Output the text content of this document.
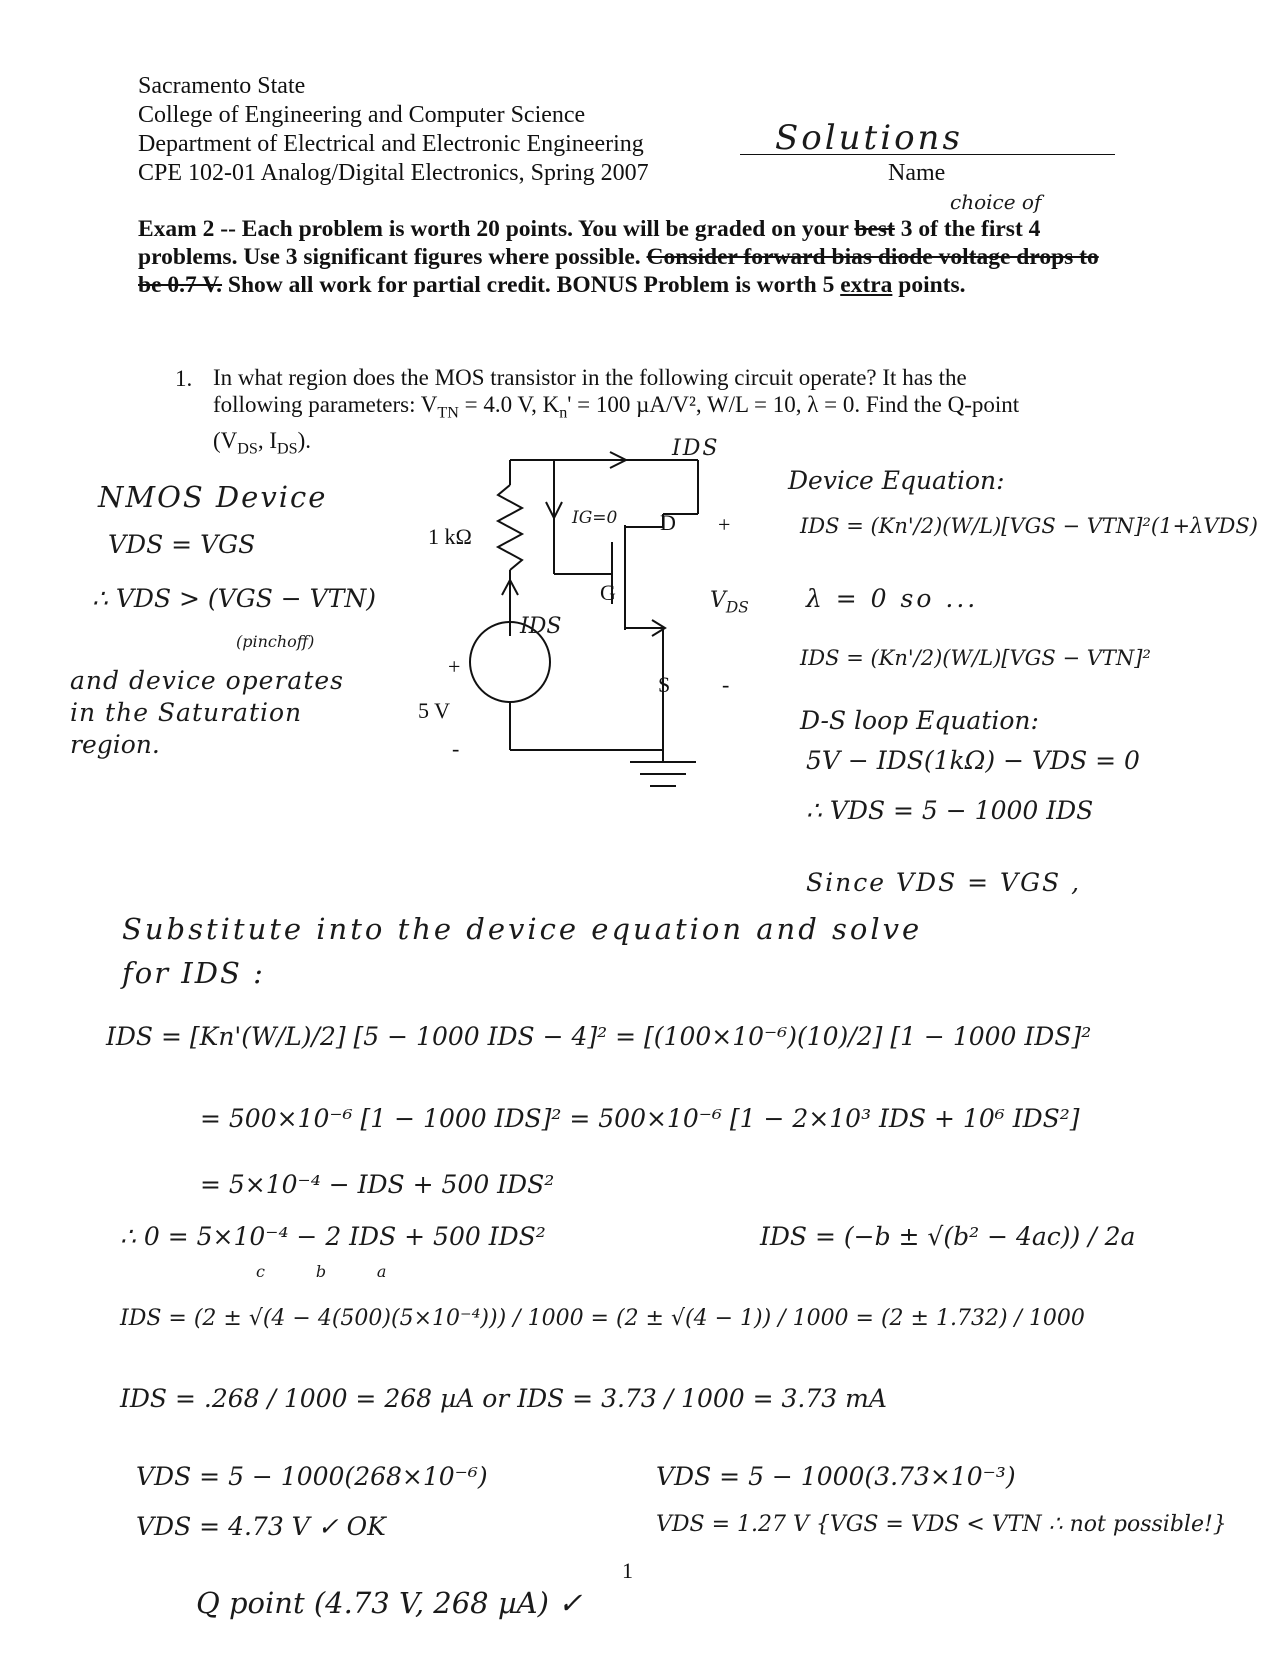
Sacramento State
College of Engineering and Computer Science
Department of Electrical and Electronic Engineering
CPE 102-01 Analog/Digital Electronics, Spring 2007
Solutions
Name
choice of
Exam 2 -- Each problem is worth 20 points. You will be graded on your best 3 of the first 4 problems. Use 3 significant figures where possible. Consider forward bias diode voltage drops to be 0.7 V. Show all work for partial credit. BONUS Problem is worth 5 extra points.
1. In what region does the MOS transistor in the following circuit operate? It has the
following parameters: $V_{TN} = 4.0$ V, $K_n' = 100$ µA/V², W/L = 10, λ = 0. Find the Q-point
($V_{DS}$, $I_{DS}$).
1 kΩ
+
5 V
-
D +
G
S -
$V_{DS}$
IDS
IG=0
IDS
NMOS Device
VDS = VGS
∴ VDS > (VGS − VTN)
(pinchoff)
and device operates
in the Saturation
region.
Device Equation:
IDS = (Kn'/2)(W/L)[VGS − VTN]²(1+λVDS)
λ = 0 so ...
IDS = (Kn'/2)(W/L)[VGS − VTN]²
D-S loop Equation:
5V − IDS(1kΩ) − VDS = 0
∴ VDS = 5 − 1000 IDS
Since VDS = VGS ,
Substitute into the device equation and solve
for IDS :
IDS = [Kn'(W/L)/2] [5 − 1000 IDS − 4]² = [(100×10⁻⁶)(10)/2] [1 − 1000 IDS]²
= 500×10⁻⁶ [1 − 1000 IDS]² = 500×10⁻⁶ [1 − 2×10³ IDS + 10⁶ IDS²]
= 5×10⁻⁴ − IDS + 500 IDS²
∴ 0 = 5×10⁻⁴ − 2 IDS + 500 IDS²
c          b          a
IDS = (−b ± √(b² − 4ac)) / 2a
IDS = (2 ± √(4 − 4(500)(5×10⁻⁴))) / 1000 = (2 ± √(4 − 1)) / 1000 = (2 ± 1.732) / 1000
IDS = .268 / 1000 = 268 µA or IDS = 3.73 / 1000 = 3.73 mA
VDS = 5 − 1000(268×10⁻⁶)
VDS = 4.73 V ✓ OK
VDS = 5 − 1000(3.73×10⁻³)
VDS = 1.27 V {VGS = VDS < VTN ∴ not possible!}
1
Q point (4.73 V, 268 µA) ✓
